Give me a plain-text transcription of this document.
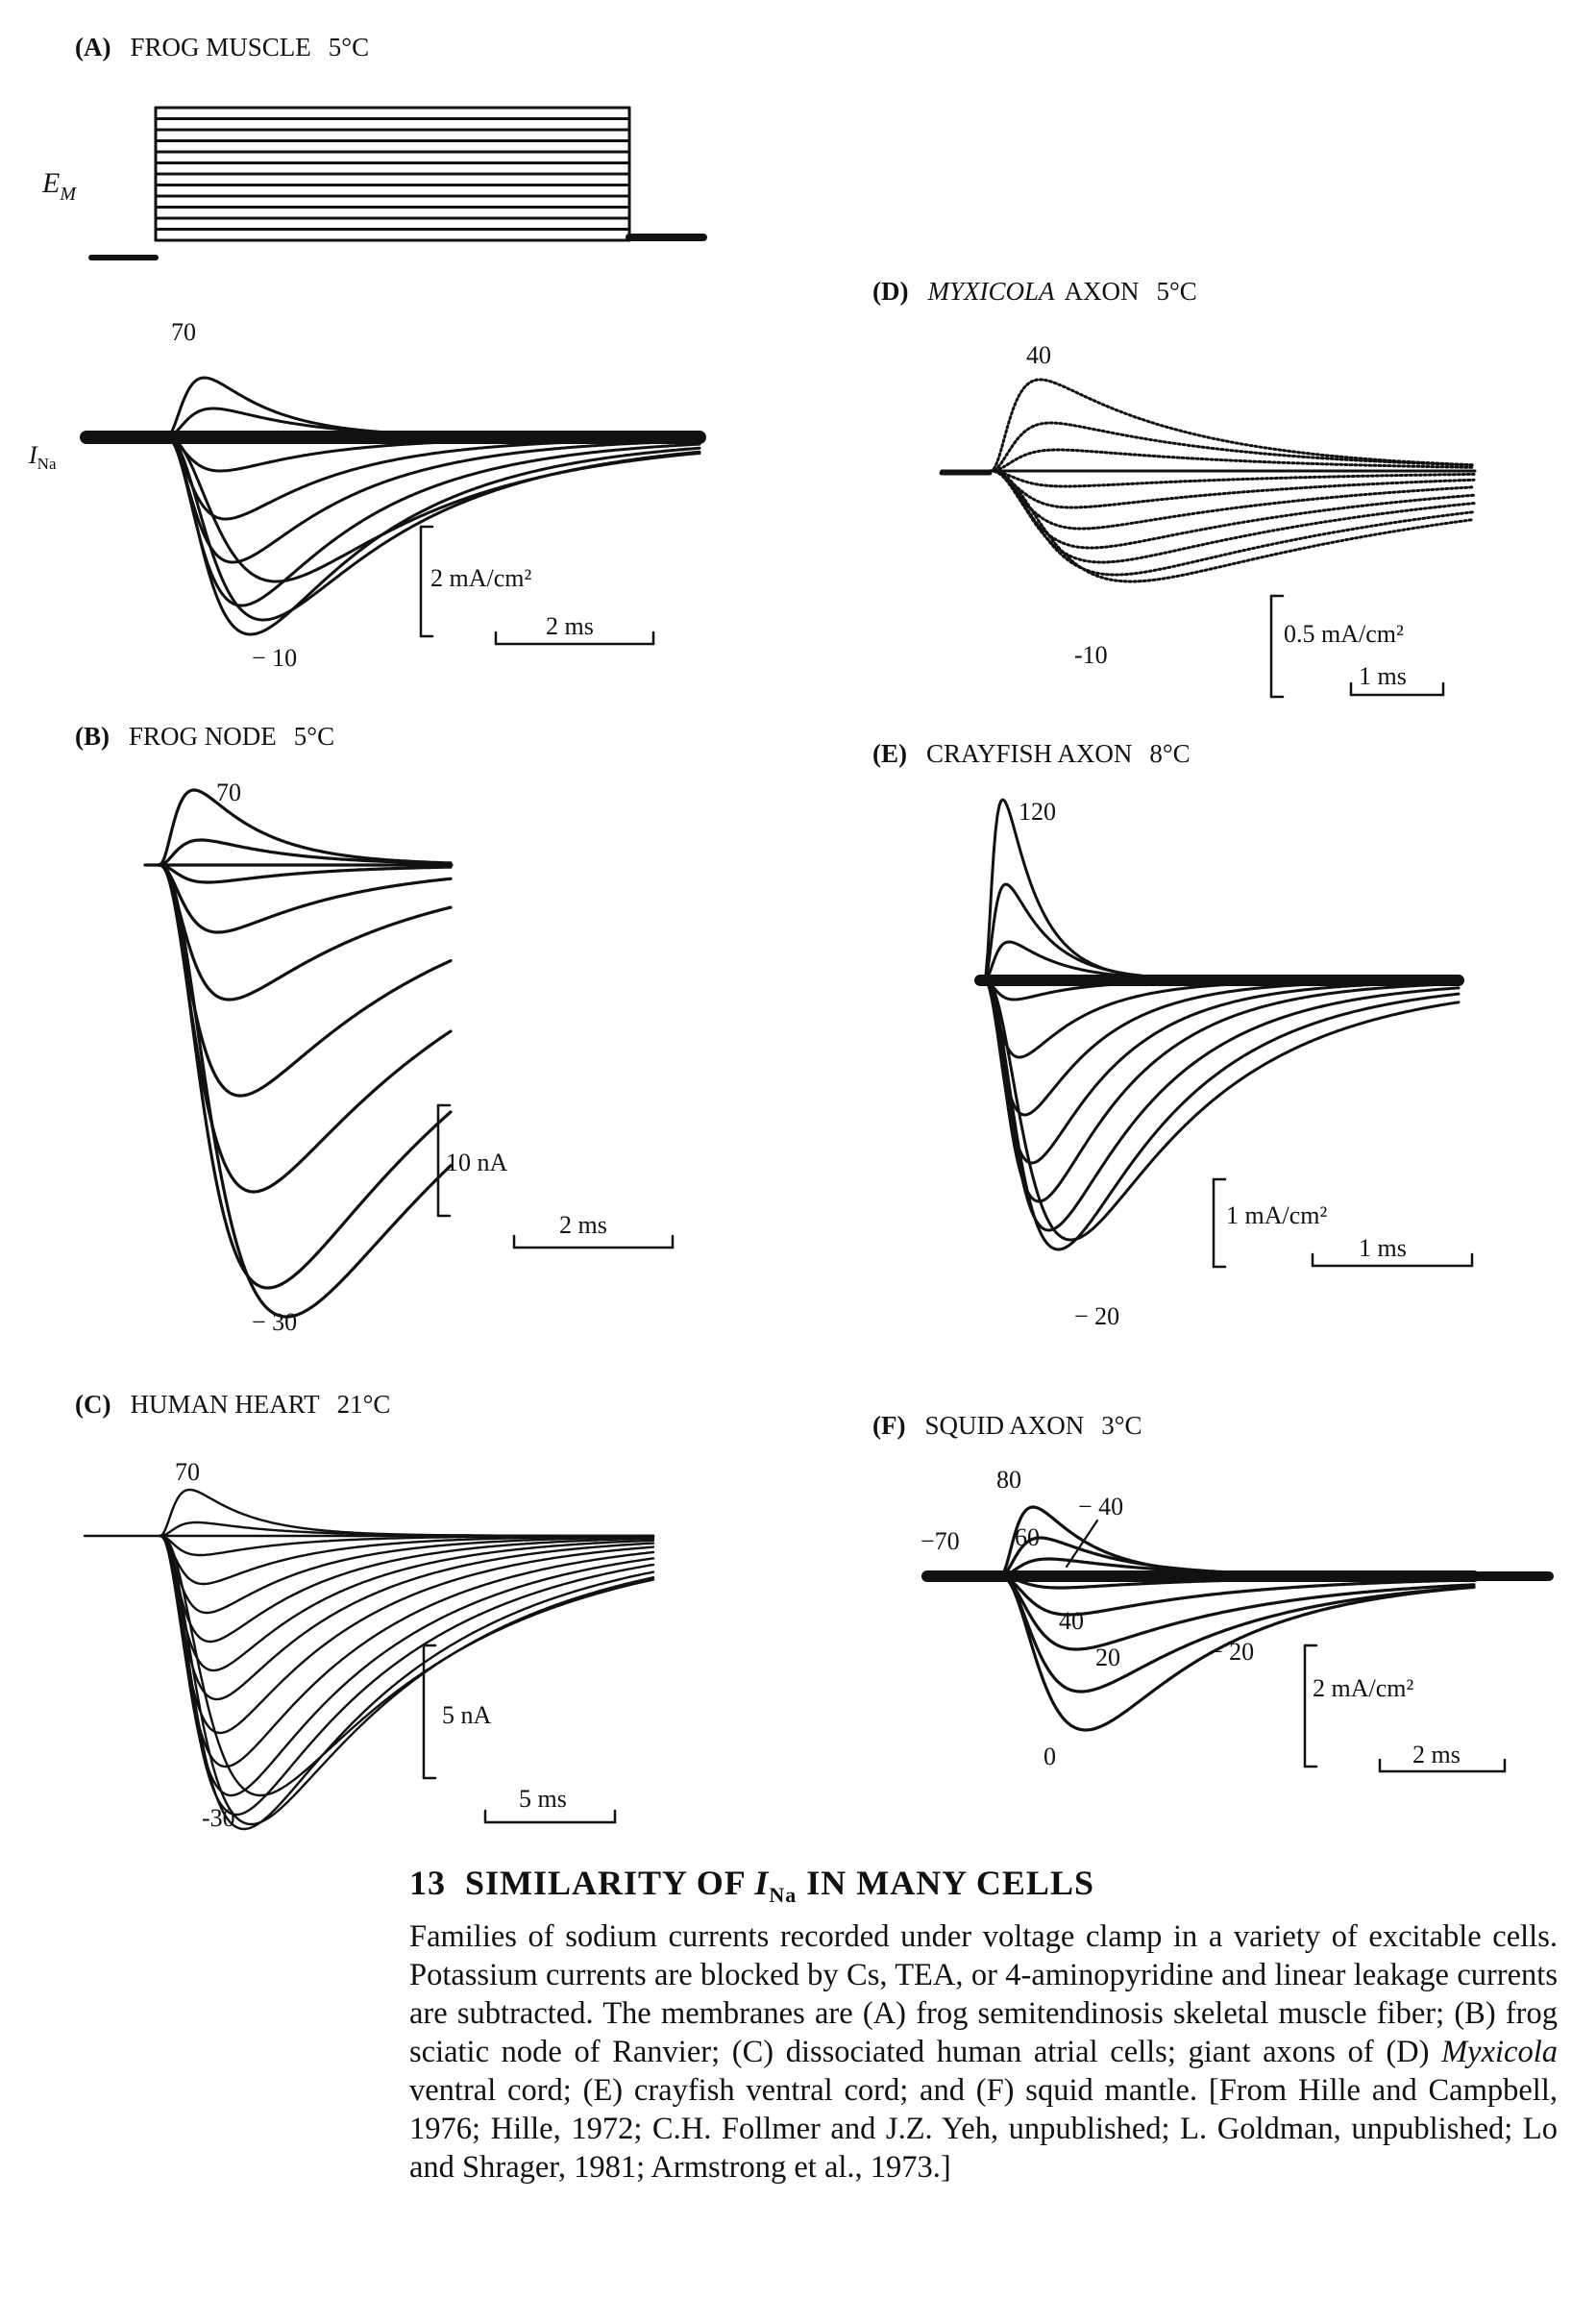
(A) FROG MUSCLE 5°C
$E_M$
$I_{Na}$
70
− 10
2 mA/cm²
2 ms
(B) FROG NODE 5°C
70
− 30
10 nA
2 ms
(C) HUMAN HEART 21°C
70
-30
5 nA
5 ms
(D) MYXICOLA AXON 5°C
40
-10
0.5 mA/cm²
1 ms
(E) CRAYFISH AXON 8°C
120
− 20
1 mA/cm²
1 ms
(F) SQUID AXON 3°C
80
− 40
−70 60
40
20	− 20
0
2 mA/cm²
2 ms
13 SIMILARITY OF $I_{Na}$ IN MANY CELLS

Families of sodium currents recorded under voltage clamp in a variety of excitable cells. Potassium currents are blocked by Cs, TEA, or 4-aminopyridine and linear leakage currents are subtracted. The membranes are (A) frog semitendinosis skeletal muscle fiber; (B) frog sciatic node of Ranvier; (C) dissociated human atrial cells; giant axons of (D) Myxicola ventral cord; (E) crayfish ventral cord; and (F) squid mantle. [From Hille and Campbell, 1976; Hille, 1972; C.H. Follmer and J.Z. Yeh, unpublished; L. Goldman, unpublished; Lo and Shrager, 1981; Armstrong et al., 1973.]
